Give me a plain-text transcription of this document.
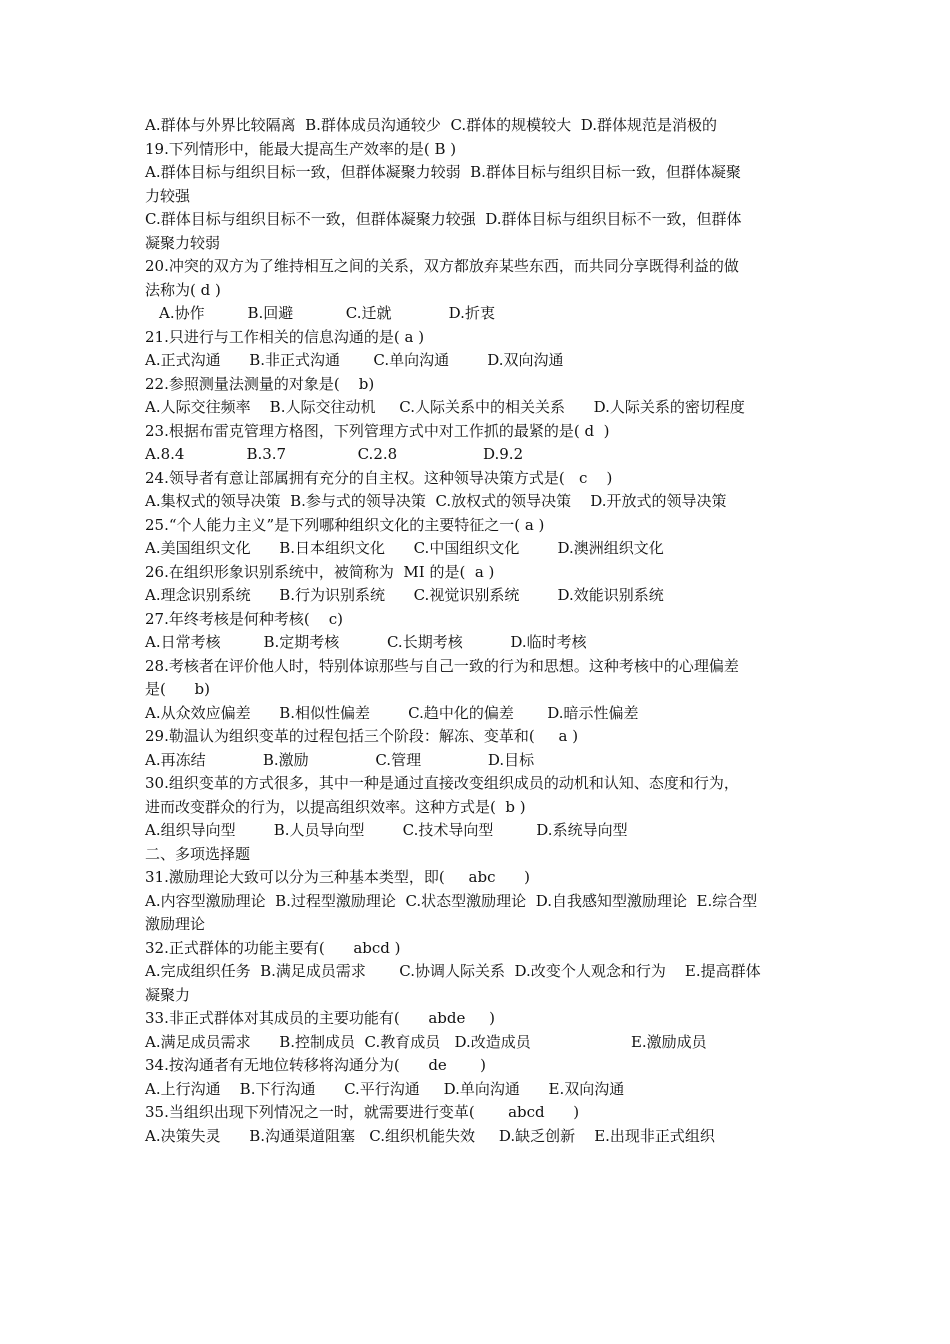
A.群体与外界比较隔离  B.群体成员沟通较少  C.群体的规模较大  D.群体规范是消极的
19.下列情形中，能最大提高生产效率的是( B )
A.群体目标与组织目标一致，但群体凝聚力较弱  B.群体目标与组织目标一致，但群体凝聚
力较强
C.群体目标与组织目标不一致，但群体凝聚力较强  D.群体目标与组织目标不一致，但群体
凝聚力较弱
20.冲突的双方为了维持相互之间的关系，双方都放弃某些东西，而共同分享既得利益的做
法称为( d )
A.协作         B.回避           C.迁就            D.折衷
21.只进行与工作相关的信息沟通的是( a )
A.正式沟通      B.非正式沟通       C.单向沟通        D.双向沟通
22.参照测量法测量的对象是(    b)
A.人际交往频率    B.人际交往动机     C.人际关系中的相关关系      D.人际关系的密切程度
23.根据布雷克管理方格图，下列管理方式中对工作抓的最紧的是( d  )
A.8.4             B.3.7               C.2.8                  D.9.2
24.领导者有意让部属拥有充分的自主权。这种领导决策方式是(   c    )
A.集权式的领导决策  B.参与式的领导决策  C.放权式的领导决策    D.开放式的领导决策
25.“个人能力主义”是下列哪种组织文化的主要特征之一( a )
A.美国组织文化      B.日本组织文化      C.中国组织文化        D.澳洲组织文化
26.在组织形象识别系统中，被简称为  MI 的是(  a )
A.理念识别系统      B.行为识别系统      C.视觉识别系统        D.效能识别系统
27.年终考核是何种考核(    c)
A.日常考核         B.定期考核          C.长期考核          D.临时考核
28.考核者在评价他人时，特别体谅那些与自己一致的行为和思想。这种考核中的心理偏差
是(      b)
A.从众效应偏差      B.相似性偏差        C.趋中化的偏差       D.暗示性偏差
29.勒温认为组织变革的过程包括三个阶段：解冻、变革和(     a )
A.再冻结            B.激励              C.管理              D.目标
30.组织变革的方式很多，其中一种是通过直接改变组织成员的动机和认知、态度和行为，
进而改变群众的行为，以提高组织效率。这种方式是(  b )
A.组织导向型        B.人员导向型        C.技术导向型         D.系统导向型
二、多项选择题
31.激励理论大致可以分为三种基本类型，即(     abc      )
A.内容型激励理论  B.过程型激励理论  C.状态型激励理论  D.自我感知型激励理论  E.综合型
激励理论
32.正式群体的功能主要有(      abcd )
A.完成组织任务  B.满足成员需求       C.协调人际关系  D.改变个人观念和行为    E.提高群体
凝聚力
33.非正式群体对其成员的主要功能有(      abde     )
A.满足成员需求      B.控制成员  C.教育成员   D.改造成员                     E.激励成员
34.按沟通者有无地位转移将沟通分为(      de       )
A.上行沟通    B.下行沟通      C.平行沟通     D.单向沟通      E.双向沟通
35.当组织出现下列情况之一时，就需要进行变革(       abcd      )
A.决策失灵      B.沟通渠道阻塞   C.组织机能失效     D.缺乏创新    E.出现非正式组织
